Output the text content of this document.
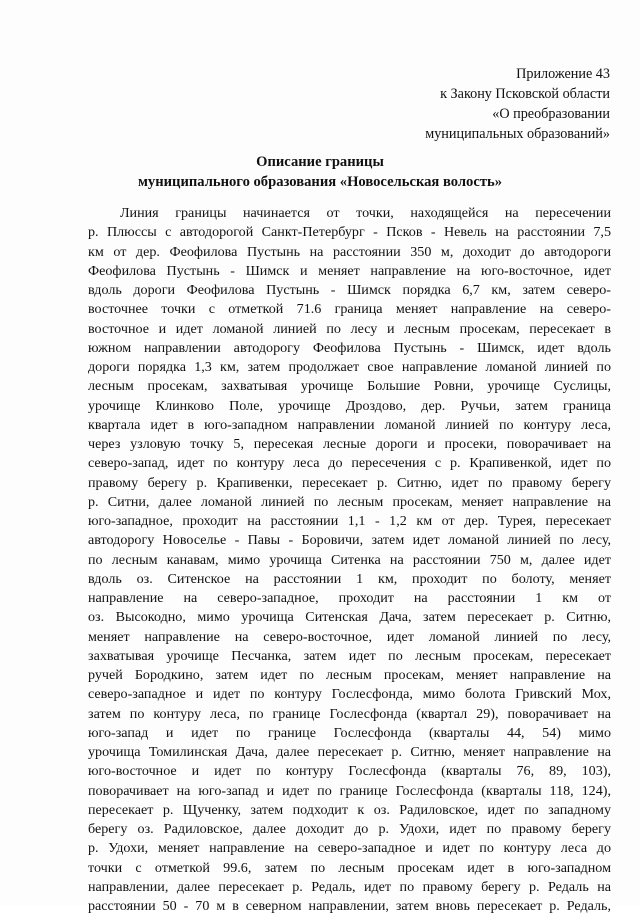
Приложение 43
к Закону Псковской области
«О преобразовании
муниципальных образований»
Описание границы
муниципального образования «Новосельская волость»
Линия границы начинается от точки, находящейся на пересечении
р. Плюссы с автодорогой Санкт-Петербург - Псков - Невель на расстоянии 7,5
км от дер. Феофилова Пустынь на расстоянии 350 м, доходит до автодороги
Феофилова Пустынь - Шимск и меняет направление на юго-восточное, идет
вдоль дороги Феофилова Пустынь - Шимск порядка 6,7 км, затем северо-
восточнее точки с отметкой 71.6 граница меняет направление на северо-
восточное и идет ломаной линией по лесу и лесным просекам, пересекает в
южном направлении автодорогу Феофилова Пустынь - Шимск, идет вдоль
дороги порядка 1,3 км, затем продолжает свое направление ломаной линией по
лесным просекам, захватывая урочище Большие Ровни, урочище Суслицы,
урочище Клинково Поле, урочище Дроздово, дер. Ручьи, затем граница
квартала идет в юго-западном направлении ломаной линией по контуру леса,
через узловую точку 5, пересекая лесные дороги и просеки, поворачивает на
северо-запад, идет по контуру леса до пересечения с р. Крапивенкой, идет по
правому берегу р. Крапивенки, пересекает р. Ситню, идет по правому берегу
р. Ситни, далее ломаной линией по лесным просекам, меняет направление на
юго-западное, проходит на расстоянии 1,1 - 1,2 км от дер. Турея, пересекает
автодорогу Новоселье - Павы - Боровичи, затем идет ломаной линией по лесу,
по лесным канавам, мимо урочища Ситенка на расстоянии 750 м, далее идет
вдоль оз. Ситенское на расстоянии 1 км, проходит по болоту, меняет
направление на северо-западное, проходит на расстоянии 1 км от
оз. Высокодно, мимо урочища Ситенская Дача, затем пересекает р. Ситню,
меняет направление на северо-восточное, идет ломаной линией по лесу,
захватывая урочище Песчанка, затем идет по лесным просекам, пересекает
ручей Бородкино, затем идет по лесным просекам, меняет направление на
северо-западное и идет по контуру Гослесфонда, мимо болота Гривский Мох,
затем по контуру леса, по границе Гослесфонда (квартал 29), поворачивает на
юго-запад и идет по границе Гослесфонда (кварталы 44, 54) мимо
урочища Томилинская Дача, далее пересекает р. Ситню, меняет направление на
юго-восточное и идет по контуру Гослесфонда (кварталы 76, 89, 103),
поворачивает на юго-запад и идет по границе Гослесфонда (кварталы 118, 124),
пересекает р. Щученку, затем подходит к оз. Радиловское, идет по западному
берегу оз. Радиловское, далее доходит до р. Удохи, идет по правому берегу
р. Удохи, меняет направление на северо-западное и идет по контуру леса до
точки с отметкой 99.6, затем по лесным просекам идет в юго-западном
направлении, далее пересекает р. Редаль, идет по правому берегу р. Редаль на
расстоянии 50 - 70 м в северном направлении, затем вновь пересекает р. Редаль,
